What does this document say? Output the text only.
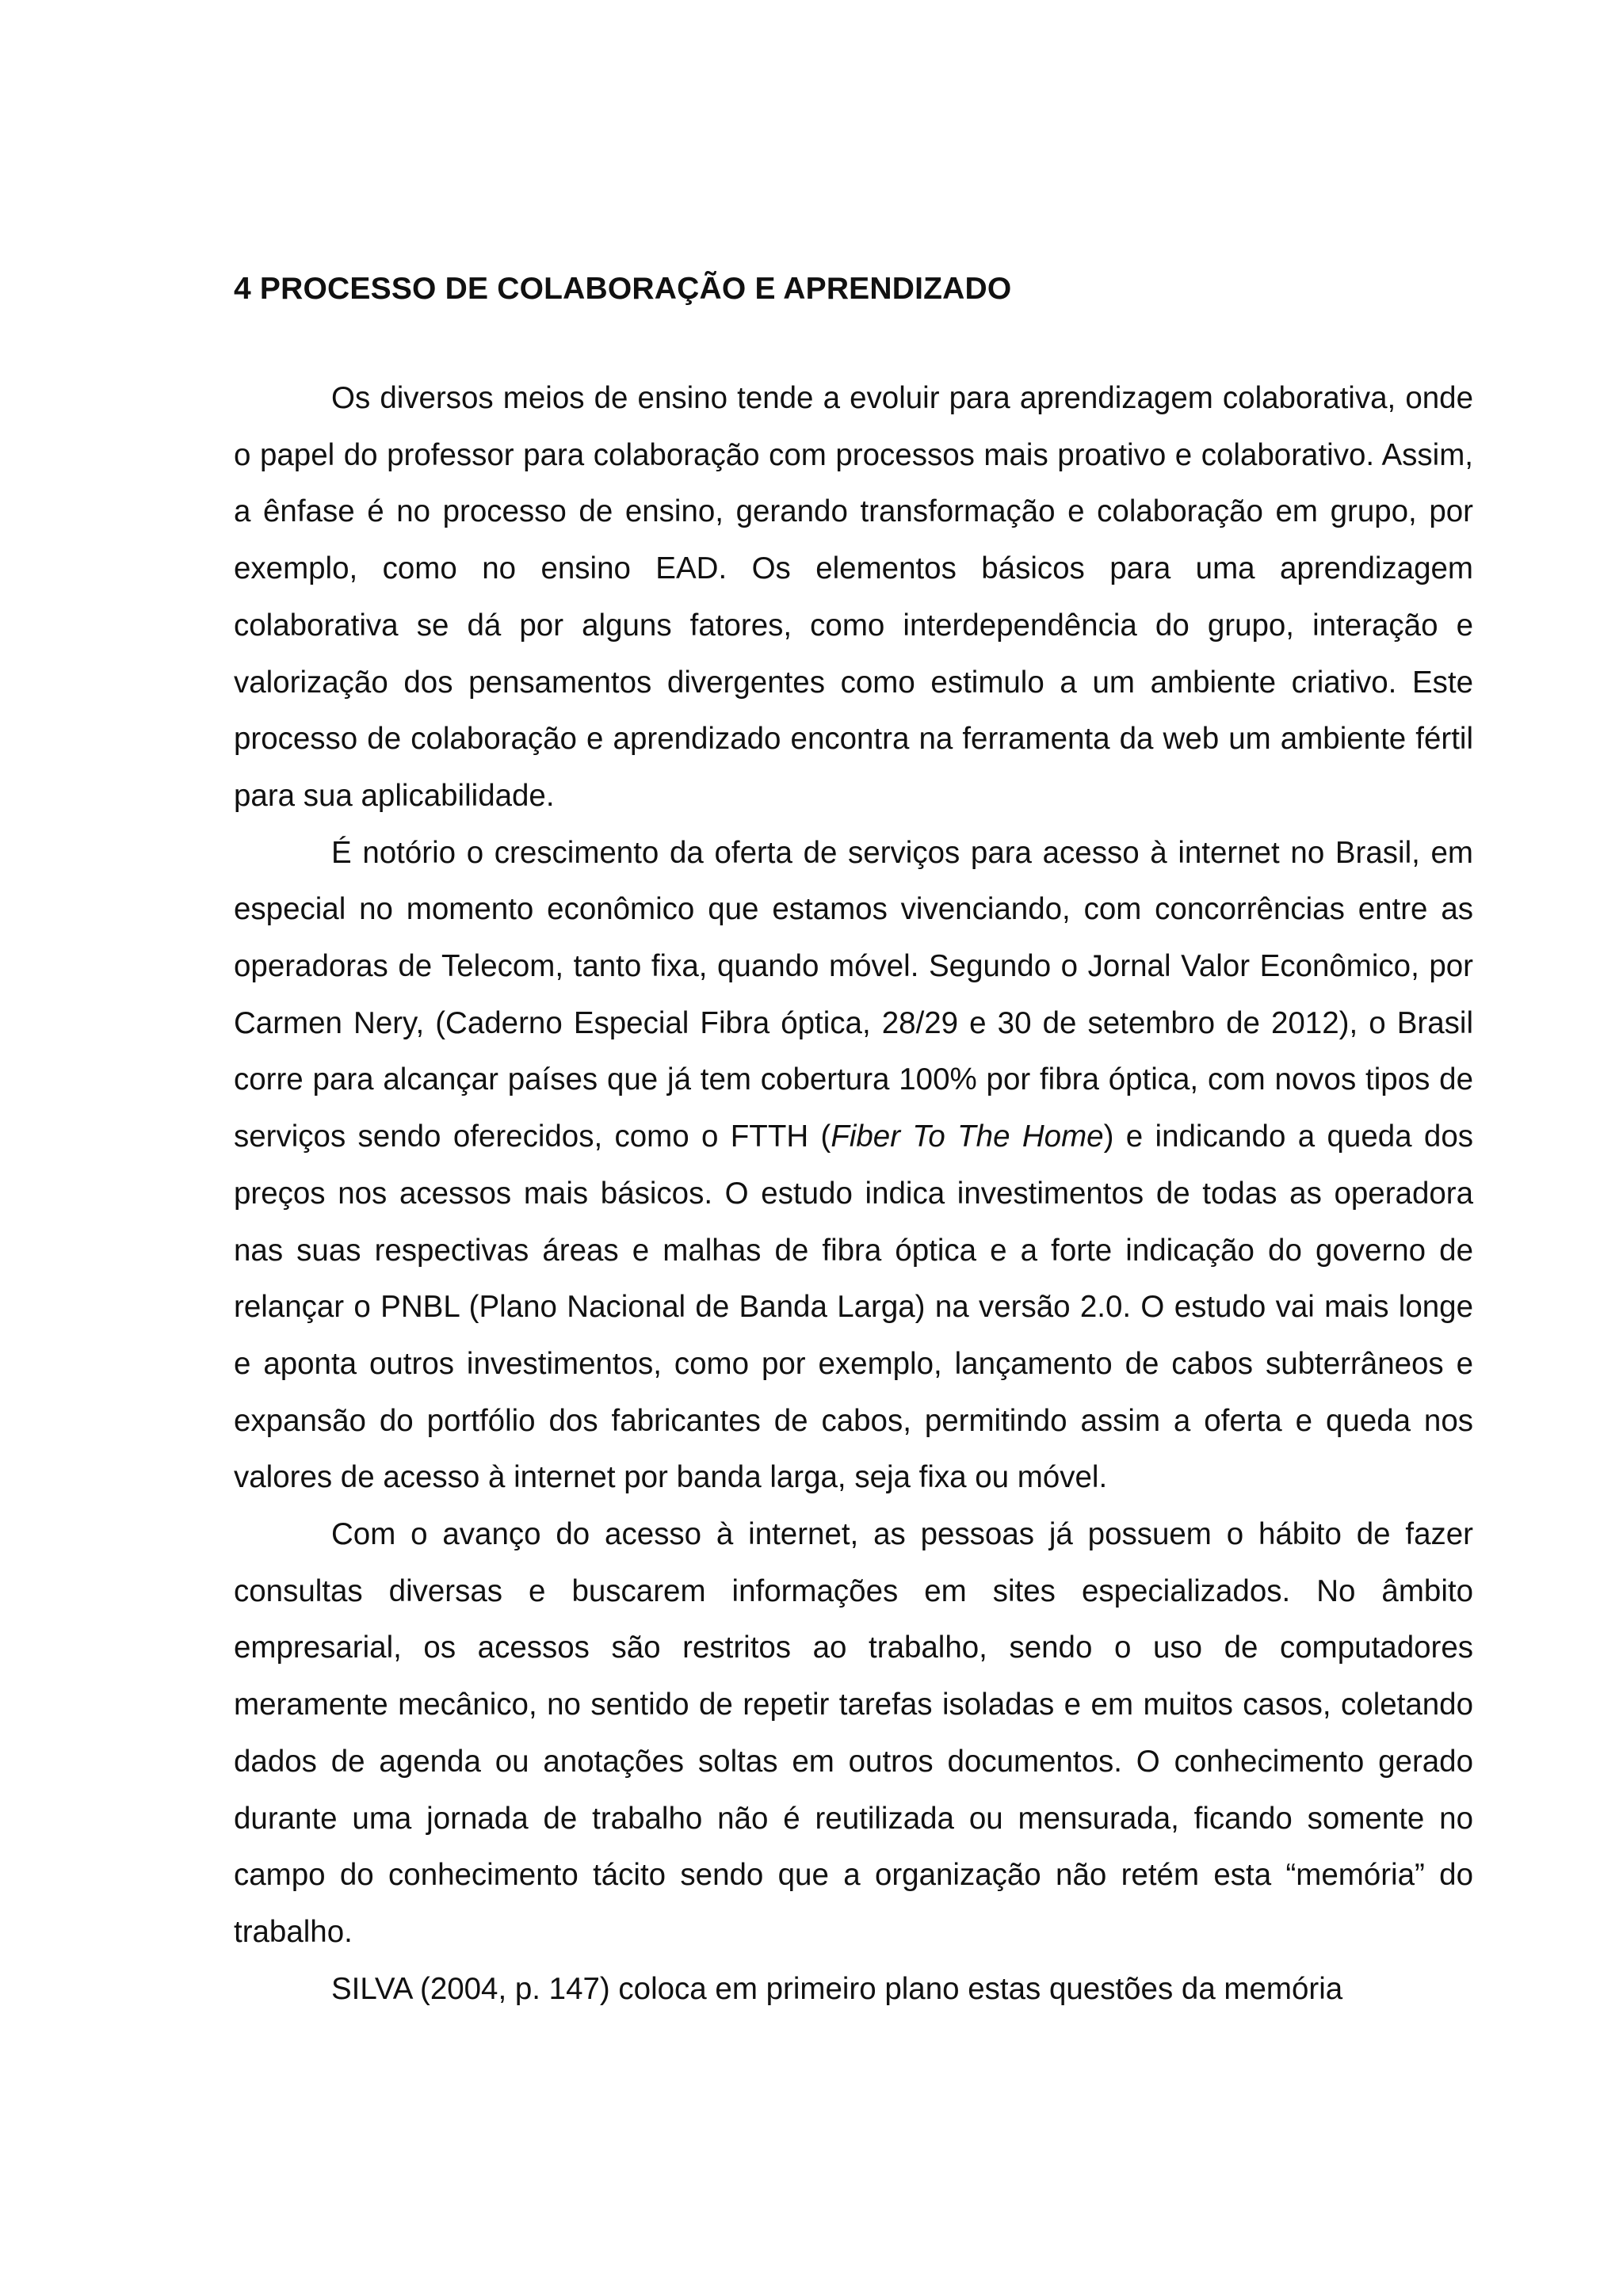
4 PROCESSO DE COLABORAÇÃO E APRENDIZADO

Os diversos meios de ensino tende a evoluir para aprendizagem colaborativa, onde o papel do professor para colaboração com processos mais proativo e colaborativo. Assim, a ênfase é no processo de ensino, gerando transformação e colaboração em grupo, por exemplo, como no ensino EAD. Os elementos básicos para uma aprendizagem colaborativa se dá por alguns fatores, como interdependência do grupo, interação e valorização dos pensamentos divergentes como estimulo a um ambiente criativo. Este processo de colaboração e aprendizado encontra na ferramenta da web um ambiente fértil para sua aplicabilidade.

É notório o crescimento da oferta de serviços para acesso à internet no Brasil, em especial no momento econômico que estamos vivenciando, com concorrências entre as operadoras de Telecom, tanto fixa, quando móvel. Segundo o Jornal Valor Econômico, por Carmen Nery, (Caderno Especial Fibra óptica, 28/29 e 30 de setembro de 2012), o Brasil corre para alcançar países que já tem cobertura 100% por fibra óptica, com novos tipos de serviços sendo oferecidos, como o FTTH (Fiber To The Home) e indicando a queda dos preços nos acessos mais básicos. O estudo indica investimentos de todas as operadora nas suas respectivas áreas e malhas de fibra óptica e a forte indicação do governo de relançar o PNBL (Plano Nacional de Banda Larga) na versão 2.0. O estudo vai mais longe e aponta outros investimentos, como por exemplo, lançamento de cabos subterrâneos e expansão do portfólio dos fabricantes de cabos, permitindo assim a oferta e queda nos valores de acesso à internet por banda larga, seja fixa ou móvel.

Com o avanço do acesso à internet, as pessoas já possuem o hábito de fazer consultas diversas e buscarem informações em sites especializados. No âmbito empresarial, os acessos são restritos ao trabalho, sendo o uso de computadores meramente mecânico, no sentido de repetir tarefas isoladas e em muitos casos, coletando dados de agenda ou anotações soltas em outros documentos. O conhecimento gerado durante uma jornada de trabalho não é reutilizada ou mensurada, ficando somente no campo do conhecimento tácito sendo que a organização não retém esta “memória” do trabalho.

SILVA (2004, p. 147) coloca em primeiro plano estas questões da memória
